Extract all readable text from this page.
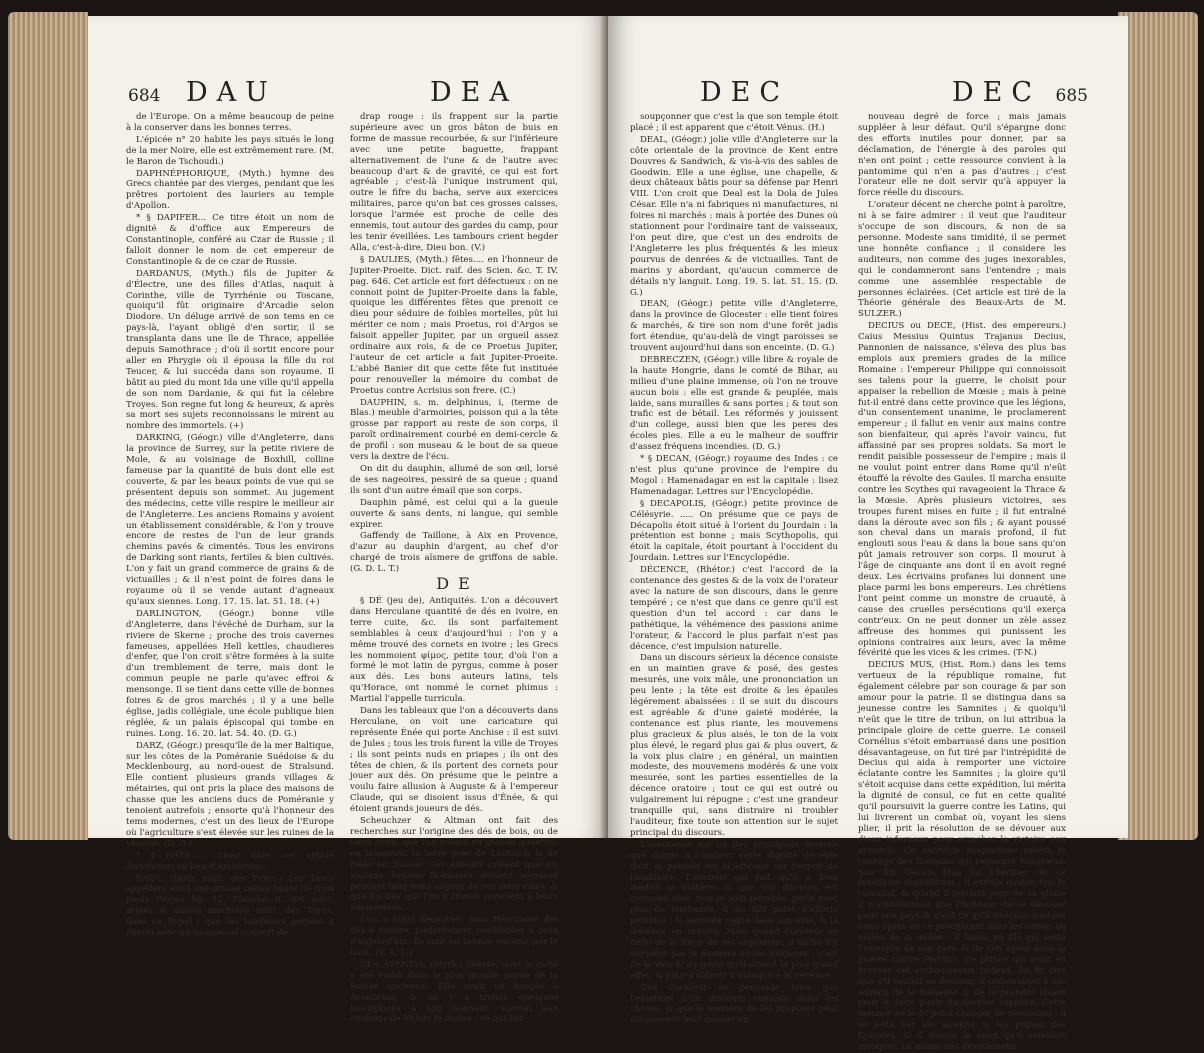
684 DAU	DEA

de l'Europe. On a même beaucoup de peine à la conserver dans les bonnes terres.

L'épicée n° 20 habite les pays situés le long de la mer Noire, elle est extrêmement rare. (M. le Baron de Tschoudi.)

DAPHNÉPHORIQUE, (Myth.) hymne des Grecs chantée par des vierges, pendant que les prêtres portoient des lauriers au temple d'Apollon.

* § DAPIFER... Ce titre étoit un nom de dignité & d'office aux Empereurs de Constantinople, conféré au Czar de Russie ; il falloit donner le nom de cet empereur de Constantinople & de ce czar de Russie.

DARDANUS, (Myth.) fils de Jupiter & d'Électre, une des filles d'Atlas, naquit à Corinthe, ville de Tyrrhénie ou Toscane, quoiqu'il fût originaire d'Arcadie selon Diodore. Un déluge arrivé de son tems en ce pays-là, l'ayant obligé d'en sortir, il se transplanta dans une île de Thrace, appellée depuis Samothrace ; d'où il sortit encore pour aller en Phrygie où il épousa la fille du roi Teucer, & lui succéda dans son royaume. Il bâtit au pied du mont Ida une ville qu'il appella de son nom Dardanie, & qui fut la célebre Troyes. Son regne fut long & heureux, & après sa mort ses sujets reconnoissans le mirent au nombre des immortels. (+)

DARKING, (Géogr.) ville d'Angleterre, dans la province de Surrey, sur la petite riviere de Mole, & au voisinage de Boxhill, colline fameuse par la quantité de buis dont elle est couverte, & par les beaux points de vue qui se présentent depuis son sommet. Au jugement des médecins, cette ville respire le meilleur air de l'Angleterre. Les anciens Romains y avoient un établissement considérable, & l'on y trouve encore de restes de l'un de leur grands chemins pavés & cimentés. Tous les environs de Darking sont riants, fertiles & bien cultivés. L'on y fait un grand commerce de grains & de victuailles ; & il n'est point de foires dans le royaume où il se vende autant d'agneaux qu'aux siennes. Long. 17. 15. lat. 51. 18. (+)

DARLINGTON, (Géogr.) bonne ville d'Angleterre, dans l'évêché de Durham, sur la riviere de Skerne ; proche des trois cavernes fameuses, appellées Hell kettles, chaudieres d'enfer, que l'on croit s'être formées à la suite d'un tremblement de terre, mais dont le commun peuple ne parle qu'avec effroi & mensonge. Il se tient dans cette ville de bonnes foires & de gros marchés ; il y a une belle église, jadis collégiale, une école publique bien réglée, & un palais épiscopal qui tombe en ruines. Long. 16. 20. lat. 54. 40. (D. G.)

DARZ, (Géogr.) presqu'île de la mer Baltique, sur les côtes de la Poméranie Suédoise & du Mecklenbourg, au nord-ouest de Stralsund. Elle contient plusieurs grands villages & métairies, qui ont pris la place des maisons de chasse que les anciens ducs de Poméranie y tenoient autrefois ; ensorte qu'à l'honneur des tems modernes, c'est un des lieux de l'Europe où l'agriculture s'est élevée sur les ruines de la vénerie. (D. G.)

* § DATE...... Lisez dans cet article Amydanius au lieu d'Amidonius.

DAUL, (Instr. milit. des Turcs.) Les Turcs appellent ainsi une grosse caisse haute de trois pieds (Voyez fig. 11, Planche II, Art milit. armes & autres machines milit. des Turcs, dans ce Suppl.) que les tambours portent à cheval avec un hausse-col couvert de

drap rouge : ils frappent sur la partie supérieure avec un gros bâton de buis en forme de massue recourbée, & sur l'inférieure avec une petite baguette, frappant alternativement de l'une & de l'autre avec beaucoup d'art & de gravité, ce qui est fort agréable ; c'est-là l'unique instrument qui, outre le fifre du bacha, serve aux exercices militaires, parce qu'on bat ces grosses caisses, lorsque l'armée est proche de celle des ennemis, tout autour des gardes du camp, pour les tenir éveillées. Les tambours crient hegder Alla, c'est-à-dire, Dieu bon. (V.)

§ DAULIES, (Myth.) fêtes.... en l'honneur de Jupiter-Proeite. Dict. raif. des Scien. &c. T. IV. pag. 646. Cet article est fort défectueux : on ne connoit point de Jupiter-Proeite dans la fable, quoique les différentes fêtes que prenoit ce dieu pour séduire de foibles mortelles, pût lui mériter ce nom ; mais Proetus, roi d'Argos se faisoit appeller Jupiter, par un orgueil assez ordinaire aux rois, & de ce Proetus Jupiter, l'auteur de cet article a fait Jupiter-Proeite. L'abbé Banier dit que cette fête fut instituée pour renouveller la mémoire du combat de Proetus contre Acrisius son frere. (C.)

DAUPHIN, s. m. delphinus, i, (terme de Blas.) meuble d'armoiries, poisson qui a la tête grosse par rapport au reste de son corps, il paroît ordinairement courbé en demi-cercle & de profil : son museau & le bout de sa queue vers la dextre de l'écu.

On dit du dauphin, allumé de son œil, lorsé de ses nageoires, pessiré de sa queue ; quand ils sont d'un autre émail que son corps.

Dauphin pâmé, est celui qui a la gueule ouverte & sans dents, ni langue, qui semble expirer.

Gaffendy de Taillone, à Aix en Provence, d'azur au dauphin d'argent, au chef d'or chargé de trois aïsmere de griffons de sable. (G. D. L. T.)

D E

§ DÉ (jeu de), Antiquités. L'on a découvert dans Herculane quantité de dés en ivoire, en terre cuite, &c. ils sont parfaitement semblables à ceux d'aujourd'hui : l'on y a même trouvé des cornets en ivoire ; les Grecs les nommoient φίμος, petite tour, d'où l'on a formé le mot latin de pyrgus, comme à poser aux dés. Les bons auteurs latins, tels qu'Horace, ont nommé le cornet phimus : Martial l'appelle turricula.

Dans les tableaux que l'on a découverts dans Herculane, on voit une caricature qui représente Énée qui porte Anchise : il est suivi de Jules ; tous les trois furent la ville de Troyes ; ils sont peints nuds en priapes ; ils ont des têtes de chien, & ils portent des cornets pour jouer aux dés. On présume que le peintre a voulu faire allusion à Auguste & à l'empereur Claude, qui se disoient issus d'Énée, & qui étoient grands joueurs de dés.

Scheuchzer & Altman ont fait des recherches sur l'origine des dés de bois, ou de terre cuite, que l'on trouve en grande quantité, en labourant la terre près de Lentzach & de Bade en Suisse. Ces auteurs croient que les anciens légions Romaines avoient séjourné pendant long-tems auprès de ces deux villes, & que les dés que l'on y trouve servoient à leurs amusemens.

L'on a aussi découvert dans Herculane des dés à coudre, parfaitement semblables à ceux d'aujourd'hui, ils sont en bronze ouverts par le bout. (V. A. L.)

DEA AVENTIA, (Myth.) déesse, dont le culte a été établi dans la plus grande partie de la Suisse ancienne. Elle avoit un temple à Aventicum, & on y a trouvé quelques inscriptions à son honneur, surtout aux environs de Villars le moine ; ce qui fait

DEC	DEC 685

soupçonner que c'est la que son temple étoit placé ; il est apparent que c'étoit Vénus. (H.)

DEAL, (Géogr.) jolie ville d'Angleterre sur la côte orientale de la province de Kent entre Douvres & Sandwich, & vis-à-vis des sables de Goodwin. Elle a une église, une chapelle, & deux châteaux bâtis pour sa défense par Henri VIII. L'on croit que Deal est la Dola de Jules César. Elle n'a ni fabriques ni manufactures, ni foires ni marchés : mais à portée des Dunes où stationnent pour l'ordinaire tant de vaisseaux, l'on peut dire, que c'est un des endroits de l'Angleterre les plus fréquentés & les mieux pourvus de denrées & de victuailles. Tant de marins y abordant, qu'aucun commerce de détails n'y languit. Long. 19. 5. lat. 51. 15. (D. G.)

DEAN, (Géogr.) petite ville d'Angleterre, dans la province de Glocester : elle tient foires & marchés, & tire son nom d'une forêt jadis fort étendue, qu'au-delà de vingt paroisses se trouvent aujourd'hui dans son enceinte. (D. G.)

DEBRECZEN, (Géogr.) ville libre & royale de la haute Hongrie, dans le comté de Bihar, au milieu d'une plaine immense, où l'on ne trouve aucun bois : elle est grande & peuplée, mais laide, sans murailles & sans portes ; & tout son trafic est de bétail. Les réformés y jouissent d'un college, aussi bien que les peres des écoles pies. Elle a eu le malheur de souffrir d'assez fréquens incendies. (D. G.)

* § DECAN, (Géogr.) royaume des Indes : ce n'est plus qu'une province de l'empire du Mogol : Hamenadagar en est la capitale : lisez Hamenadagar. Lettres sur l'Encyclopédie.

§ DECAPOLIS, (Géogr.) petite province de Célésyrie. ..... On présume que ce pays de Décapolis étoit situé à l'orient du Jourdain : la prétention est bonne ; mais Scythopolis, qui étoit la capitale, étoit pourtant à l'occident du Jourdain. Lettres sur l'Encyclopédie.

DÉCENCE, (Rhétor.) c'est l'accord de la contenance des gestes & de la voix de l'orateur avec la nature de son discours, dans le genre tempéré ; ce n'est que dans ce genre qu'il est question d'un tel accord : car dans le pathétique, la véhémence des passions anime l'orateur, & l'accord le plus parfait n'est pas décence, c'est impulsion naturelle.

Dans un discours sérieux la décence consiste en un maintien grave & posé, des gestes mesurés, une voix mâle, une prononciation un peu lente ; la tête est droite & les épaules légérement abaissées : il se suit du discours est agréable & d'une gaieté modérée, la contenance est plus riante, les mouvemens plus gracieux & plus aisés, le ton de la voix plus élevé, le regard plus gai & plus ouvert, & la voix plus claire ; en général, un maintien modeste, des mouvemens modérés & une voix mesurée, sont les parties essentielles de la décence oratoire ; tout ce qui est outré ou vulgairement lui répugne ; c'est une grandeur tranquille qui, sans distraire ni troubler l'auditeur, fixe toute son attention sur le sujet principal du discours.

L'assurance est un des principaux moyens que donne à l'orateur cette dignité décente dont le pouvoir est si efficace sur l'esprit de l'auditoire. L'orateur qui fait qu'il a bien médité sa matiere, & que son discours est composé avec tout le soin possible, parle avec plus de confiance, il ne fait point d'efforts pénibles ; la sérénité regne dans son ame, & la décence en résulte. Mais quand l'orateur se défie de la force de ses argumens, il tâche d'y suppléer par la maniere de les proposer ; c'est de la voix & du geste qu'il attend le plus grand effet, & pour s'obtenir il manque à la décence.

Que l'orateur se persuade bien que l'essentiel d'un discours consiste dans les choses, & que la maniere de les proposer peut simplement leur donner un

nouveau degré de force ; mais jamais suppléer à leur défaut. Qu'il s'épargne donc des efforts inutiles pour donner, par sa déclamation, de l'énergie à des paroles qui n'en ont point ; cette ressource convient à la pantomime qui n'en a pas d'autres ; c'est l'orateur elle ne doit servir qu'à appuyer la force réelle du discours.

L'orateur décent ne cherche point à paroître, ni à se faire admirer : il veut que l'auditeur s'occupe de son discours, & non de sa personne. Modeste sans timidité, il se permet une honnête confiance ; il considere les auditeurs, non comme des juges inexorables, qui le condamneront sans l'entendre ; mais comme une assemblée respectable de personnes éclairées. (Cet article est tiré de la Théorie générale des Beaux-Arts de M. SULZER.)

DECIUS ou DECE, (Hist. des empereurs.) Caius Messius Quintus Trajanus Decius, Pannonien de naissance, s'éleva des plus bas emplois aux premiers grades de la milice Romaine : l'empereur Philippe qui connoissoit ses talens pour la guerre, le choisit pour appaiser la rebellion de Mœsie ; mais à peine fut-il entré dans cette province que les légions, d'un consentement unanime, le proclamerent empereur ; il fallut en venir aux mains contre son bienfaiteur, qui après l'avoir vaincu, fut affassiné par ses propres soldats. Sa mort le rendit paisible possesseur de l'empire ; mais il ne voulut point entrer dans Rome qu'il n'eût étouffé la révolte des Gaules. Il marcha ensuite contre les Scythes qui ravageoient la Thrace & la Mœsie. Après plusieurs victoires, ses troupes furent mises en fuite ; il fut entraîné dans la déroute avec son fils ; & ayant poussé son cheval dans un marais profond, il fut englouti sous l'eau & dans la boue sans qu'on pût jamais retrouver son corps. Il mourut à l'âge de cinquante ans dont il en avoit regné deux. Les écrivains profanes lui donnent une place parmi les bons empereurs. Les chrétiens l'ont peint comme un monstre de cruauté, à cause des cruelles persécutions qu'il exerça contr'eux. On ne peut donner un zèle assez affreuse des hommes qui punissent les opinions contraires aux leurs, avec la même févérité que les vices & les crimes. (T-N.)

DECIUS MUS, (Hist. Rom.) dans les tems vertueux de la république romaine, fut également célebre par son courage & par son amour pour la patrie. Il se distingua dans sa jeunesse contre les Samnites ; & quoiqu'il n'eût que le titre de tribun, on lui attribua la principale gloire de cette guerre. Le conseil Cornélius s'étoit embarrassé dans une position désavantageuse, on fut tiré par l'intrépidité de Decius qui aida à remporter une victoire éclatante contre les Samnites ; la gloire qu'il s'étoit acquise dans cette expédition, lui mérita la dignité de consul, ce fut en cette qualité qu'il poursuivit la guerre contre les Latins, qui lui livrerent un combat où, voyant les siens plier, il prit la résolution de se dévouer aux dieux infernaux pour arracher la victoire aux ennemis. Ce sacrifice magnanime releva le courage des Romains qui resterent victorieux. Son fils Decius Mus fut l'héritier de ce fanatisme républicain : il exerça quatre fois le consulat, & quand il pouvoit jouir de sa gloire il n'ambitionnoit que l'honneur de se dévouer pour son pays & c'eût ce qu'il exécuta quelque tems après en se précipitant dans les armes au milieu de la mêlée : il laissa un fils qui imita l'exemple de son pere & de son ayeul dans la guerre contre Pyrrhus. Ce prince qui avoit en horreur cet enthousiasme furieux, lui fit dire que s'il vouloit se dévouer, il ordonneroit à ses soldats de le ménager & de le prendre vivant pour le faire punir du dernier supplice. Cette menace ne le fit point changer de résolution ; il se jetta sur les javelots & les piques des Epirotes, & il trouva la mort qu'il sembloit invoquer. La manie des dévouemens
